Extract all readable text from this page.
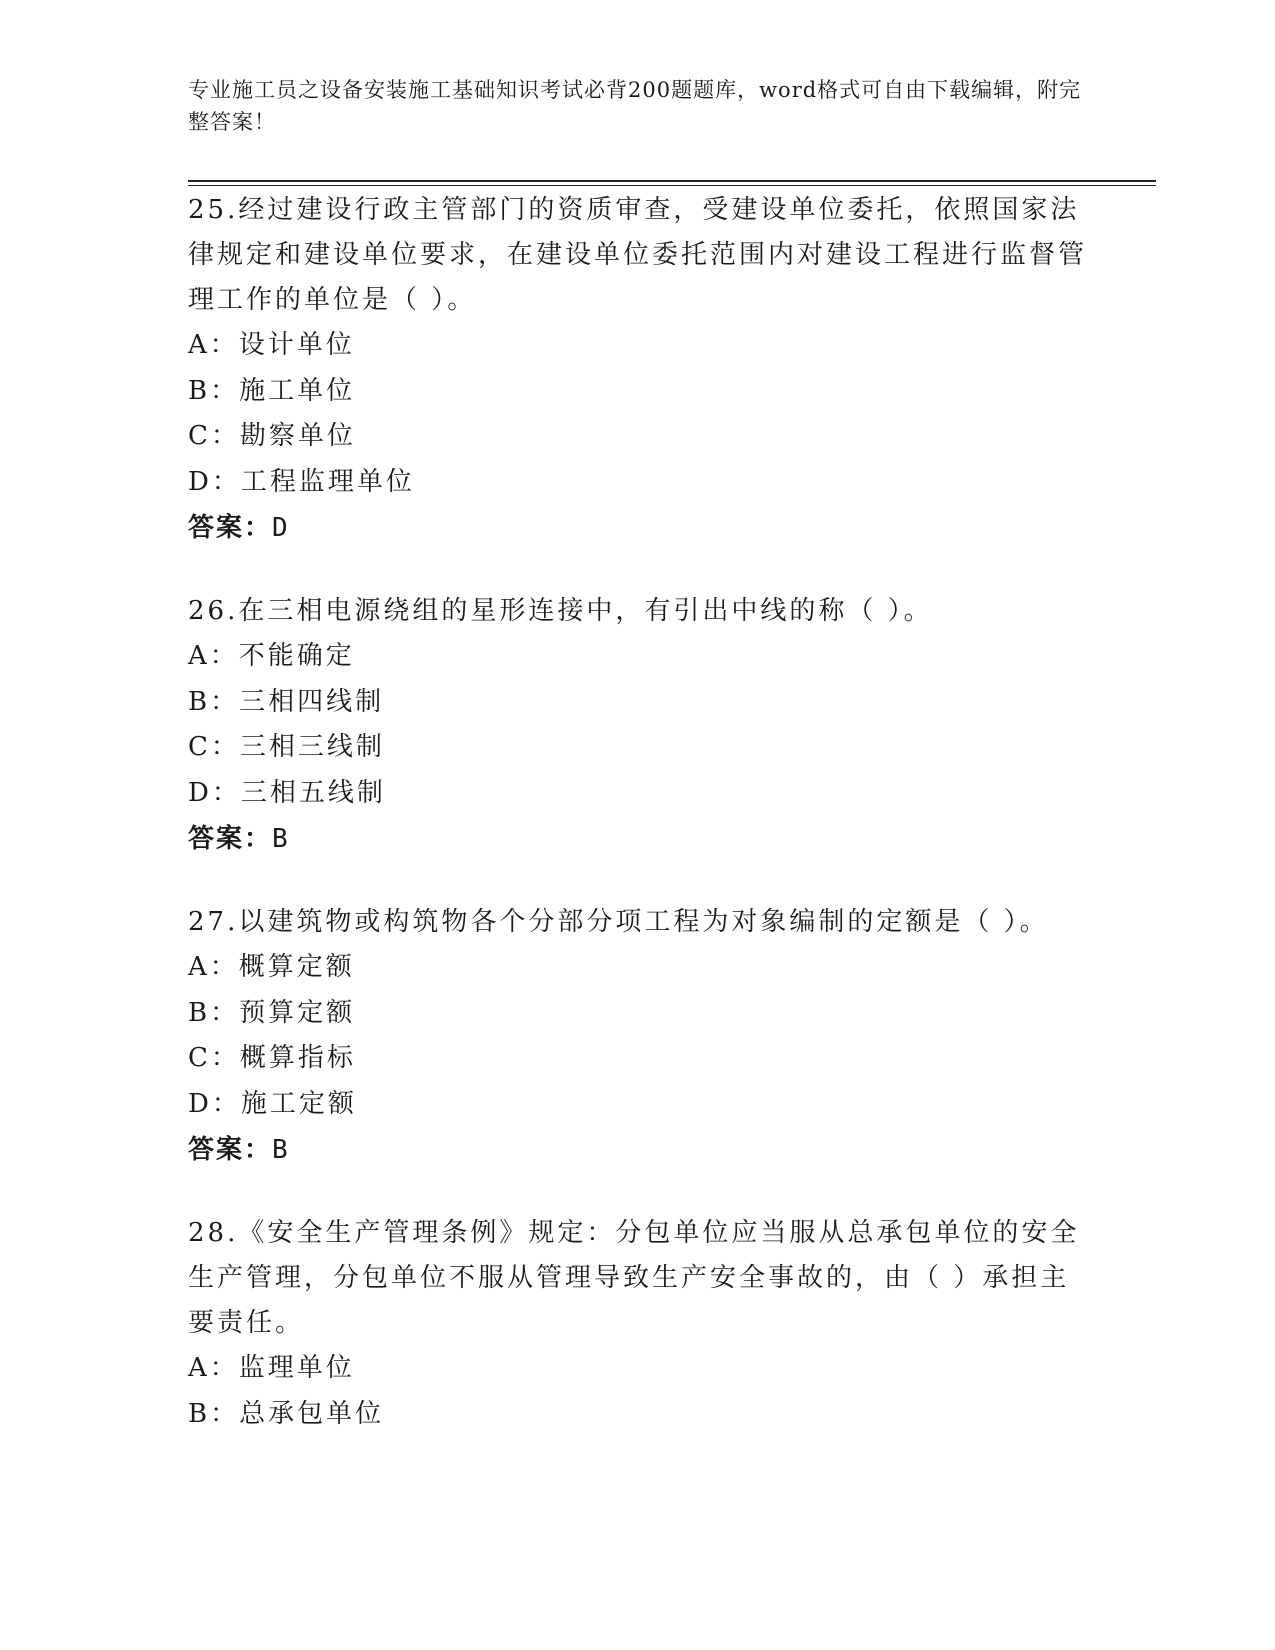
专业施工员之设备安装施工基础知识考试必背200题题库，word格式可自由下载编辑，附完整答案！
25.经过建设行政主管部门的资质审查，受建设单位委托，依照国家法律规定和建设单位要求，在建设单位委托范围内对建设工程进行监督管理工作的单位是（ ）。
A：设计单位
B：施工单位
C：勘察单位
D：工程监理单位
答案：D
26.在三相电源绕组的星形连接中，有引出中线的称（ ）。
A：不能确定
B：三相四线制
C：三相三线制
D：三相五线制
答案：B
27.以建筑物或构筑物各个分部分项工程为对象编制的定额是（ ）。
A：概算定额
B：预算定额
C：概算指标
D：施工定额
答案：B
28.《安全生产管理条例》规定：分包单位应当服从总承包单位的安全生产管理，分包单位不服从管理导致生产安全事故的，由（ ）承担主要责任。
A：监理单位
B：总承包单位
